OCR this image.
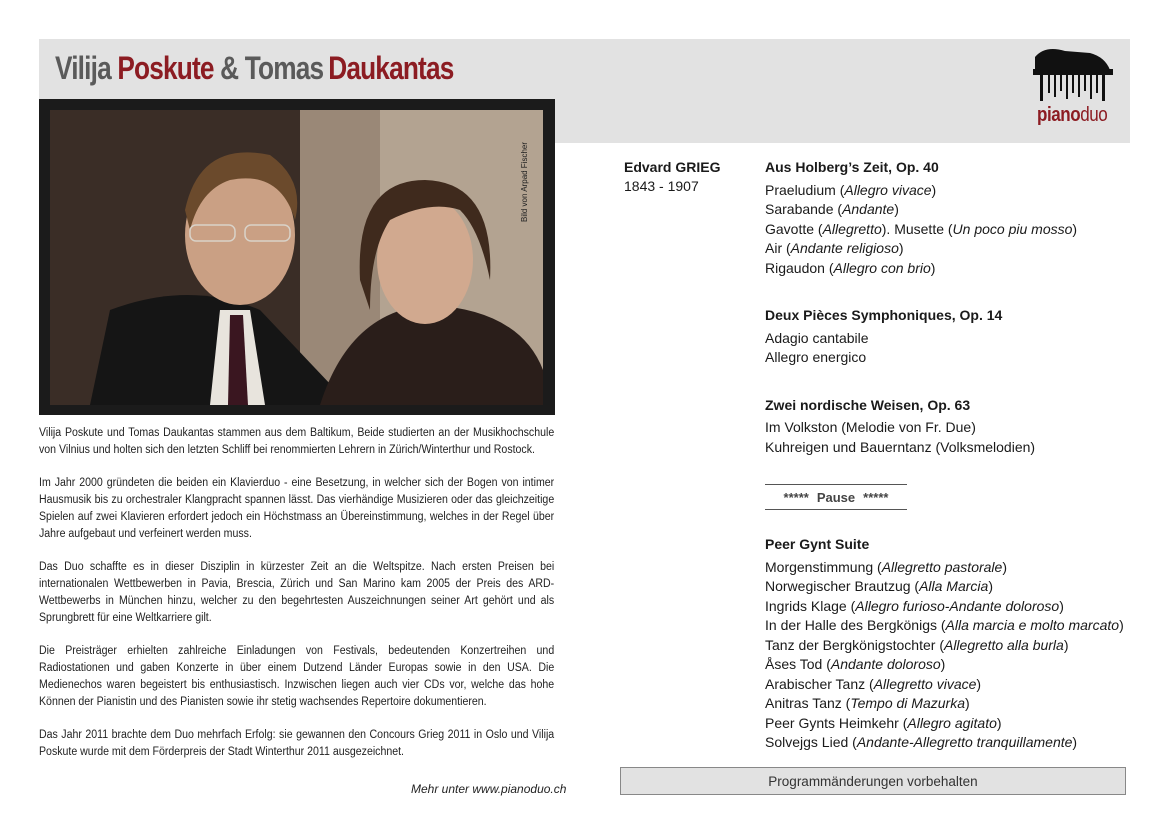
Vilija Poskute & Tomas Daukantas
Bild von Arpad Fischer
pianoduo

Vilija Poskute und Tomas Daukantas stammen aus dem Baltikum, Beide studierten an der Musikhochschule von Vilnius und holten sich den letzten Schliff bei renommierten Lehrern in Zürich/Winterthur und Rostock.

Im Jahr 2000 gründeten die beiden ein Klavierduo - eine Besetzung, in welcher sich der Bogen von intimer Hausmusik bis zu orchestraler Klangpracht spannen lässt. Das vierhändige Musizieren oder das gleichzeitige Spielen auf zwei Klavieren erfordert jedoch ein Höchstmass an Übereinstimmung, welches in der Regel über Jahre aufgebaut und verfeinert werden muss.

Das Duo schaffte es in dieser Disziplin in kürzester Zeit an die Weltspitze. Nach ersten Preisen bei internationalen Wettbewerben in Pavia, Brescia, Zürich und San Marino kam 2005 der Preis des ARD-Wettbewerbs in München hinzu, welcher zu den begehrtesten Auszeichnungen seiner Art gehört und als Sprungbrett für eine Weltkarriere gilt.

Die Preisträger erhielten zahlreiche Einladungen von Festivals, bedeutenden Konzertreihen und Radiostationen und gaben Konzerte in über einem Dutzend Länder Europas sowie in den USA. Die Medienechos waren begeistert bis enthusiastisch. Inzwischen liegen auch vier CDs vor, welche das hohe Können der Pianistin und des Pianisten sowie ihr stetig wachsendes Repertoire dokumentieren.

Das Jahr 2011 brachte dem Duo mehrfach Erfolg: sie gewannen den Concours Grieg 2011 in Oslo und Vilija Poskute wurde mit dem Förderpreis der Stadt Winterthur 2011 ausgezeichnet.

Mehr unter www.pianoduo.ch
Edvard GRIEG
1843 - 1907
Aus Holberg’s Zeit, Op. 40
Praeludium (Allegro vivace)
Sarabande (Andante)
Gavotte (Allegretto). Musette (Un poco piu mosso)
Air (Andante religioso)
Rigaudon (Allegro con brio)
Deux Pièces Symphoniques, Op. 14
Adagio cantabile
Allegro energico
Zwei nordische Weisen, Op. 63
Im Volkston (Melodie von Fr. Due)
Kuhreigen und Bauerntanz (Volksmelodien)
***** Pause *****
Peer Gynt Suite
Morgenstimmung (Allegretto pastorale)
Norwegischer Brautzug (Alla Marcia)
Ingrids Klage (Allegro furioso-Andante doloroso)
In der Halle des Bergkönigs (Alla marcia e molto marcato)
Tanz der Bergkönigstochter (Allegretto alla burla)
Åses Tod (Andante doloroso)
Arabischer Tanz (Allegretto vivace)
Anitras Tanz (Tempo di Mazurka)
Peer Gynts Heimkehr (Allegro agitato)
Solvejgs Lied (Andante-Allegretto tranquillamente)
Programmänderungen vorbehalten
